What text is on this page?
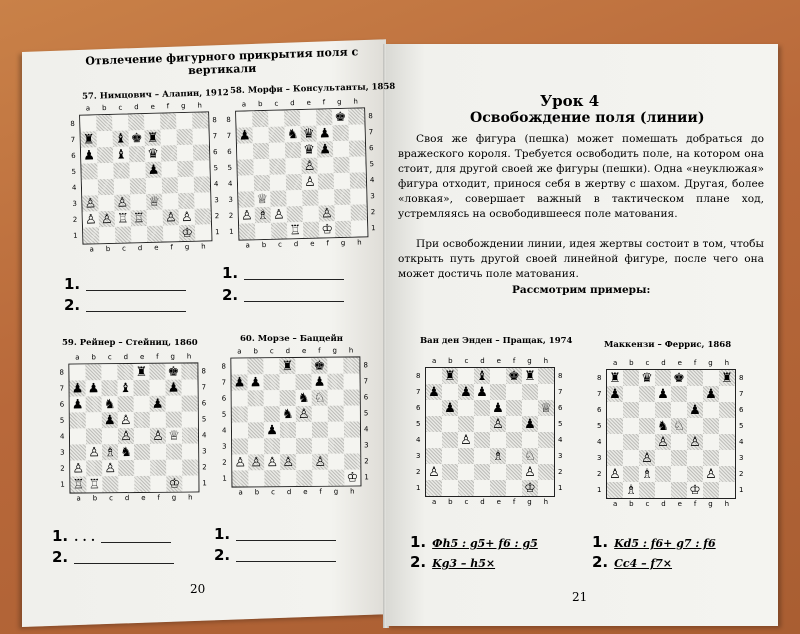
Отвлечение фигурного прикрытия поля с вертикали
57. Нимцович – Алапин, 1912 58. Морфи – Консультанты, 1858
59. Рейнер – Стейниц, 1860	60. Морзе – Баццейн
a b c d e f g h
8
7
6
5
4
3
2
1
♜ ♝ ♚ ♜
♟ ♝ ♛
♟
♙ ♙ ♕
♙ ♙ ♖ ♖ ♙ ♙
♔
8
7
6
5
4
3
2
1
a b c d e f g h
a b c d e f g h
8
7
6
5
4
3
2
1
♚
♟	♞ ♛ ♟
♛ ♟
♙
♙
♕
♙ ♗ ♙	♙
♖ ♔
8
7
6
5
4
3
2
1
a b c d e f g h
a b c d e f g h
8
7
6
5
4
3
2
1
♜ ♚
♟ ♟ ♝	♟
♟ ♞	♟
♟ ♙
♙ ♙ ♕
♙ ♗ ♞
♙ ♙
♖ ♖	♔
8
7
6
5
4
3
2
1
a b c d e f g h
a b c d e f g h
8
7
6
5
4
3
2
1
♜ ♚
♟ ♟	♟
♞ ♘
♞ ♙
♟
♙ ♙ ♙ ♙ ♙
♔
8
7
6
5
4
3
2
1
a b c d e f g h
1.
2.
1.
2.
1. . . .
2.
1.
2.
20
Урок 4
Освобождение поля (линии)
Своя же фигура (пешка) может помешать добраться до вражеского короля. Требуется освободить поле, на котором она стоит, для другой своей же фигуры (пешки). Одна «неуклюжая» фигура отходит, принося себя в жертву с шахом. Другая, более «ловкая», совершает важный в тактическом плане ход, устремляясь на освободившееся поле матования.
При освобождении линии, идея жертвы состоит в том, чтобы открыть путь другой своей линейной фигуре, после чего она может достичь поле матования.
Рассмотрим примеры:
Ван ден Энден – Пращак, 1974	Маккензи – Феррис, 1868
a b c d e f g h
8
7
6
5
4
3
2
1
♜ ♝ ♚ ♜
♟ ♟ ♟
♟	♟	♕
♙ ♟
♙
♗ ♘
♙	♙
♔
8
7
6
5
4
3
2
1
a b c d e f g h
a b c d e f g h
8
7
6
5
4
3
2
1
♜ ♛ ♚	♜
♟	♟	♟
♟
♞ ♘
♙ ♙
♙
♙ ♗	♙
♗	♔
8
7
6
5
4
3
2
1
a b c d e f g h
1. Фh5 : g5+ f6 : g5
2. Kg3 – h5×
1. Kd5 : f6+ g7 : f6
2. Cc4 – f7×
21
